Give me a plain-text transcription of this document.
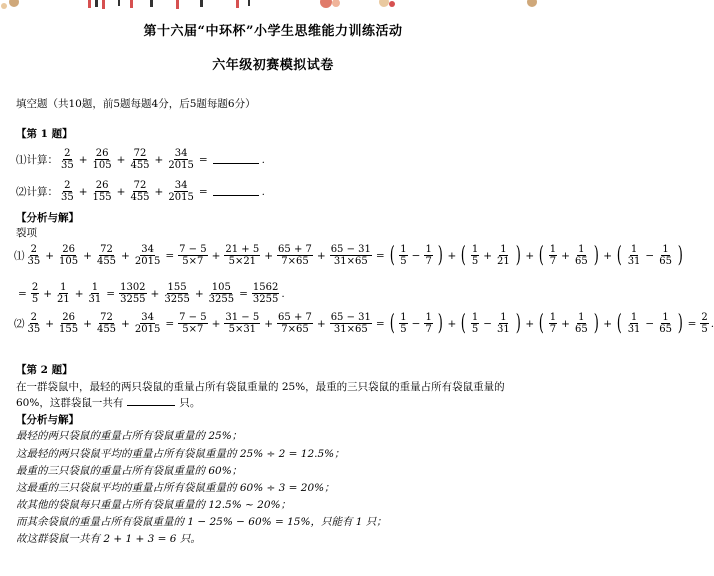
第十六届“中环杯”小学生思维能力训练活动
六年级初赛模拟试卷
填空题（共10题，前5题每题4分，后5题每题6分）
【第 1 题】
⑴计算： $\frac{2}{35} + \frac{26}{105} + \frac{72}{455} + \frac{34}{2015}$ =	.
⑵计算： $\frac{2}{35} + \frac{26}{155} + \frac{72}{455} + \frac{34}{2015}$ =	.
【分析与解】
裂项
⑴ $\frac{2}{35} + \frac{26}{105} + \frac{72}{455} + \frac{34}{2015} = \frac{7 - 5}{5\times 7} + \frac{21 + 5}{5\times 21} + \frac{65 + 7}{7\times 65} + \frac{65 - 31}{31\times 65}$ = ( $\frac{1}{5} - \frac{1}{7}$ ) + ( $\frac{1}{5} + \frac{1}{21}$ ) + ( $\frac{1}{7} + \frac{1}{65}$ ) + ( $\frac{1}{31} - \frac{1}{65}$ )
= $\frac{2}{5} + \frac{1}{21} + \frac{1}{31} = \frac{1302}{3255} + \frac{155}{3255} + \frac{105}{3255} = \frac{1562}{3255}$ .
⑵ $\frac{2}{35} + \frac{26}{155} + \frac{72}{455} + \frac{34}{2015} = \frac{7 - 5}{5\times 7} + \frac{31 - 5}{5\times 31} + \frac{65 + 7}{7\times 65} + \frac{65 - 31}{31\times 65}$ = ( $\frac{1}{5} - \frac{1}{7}$ ) + ( $\frac{1}{5} - \frac{1}{31}$ ) + ( $\frac{1}{7} + \frac{1}{65}$ ) + ( $\frac{1}{31} - \frac{1}{65}$ ) = $\frac{2}{5}$ .
【第 2 题】
在一群袋鼠中，最轻的两只袋鼠的重量占所有袋鼠重量的 25%，最重的三只袋鼠的重量占所有袋鼠重量的
60%，这群袋鼠一共有	只。
【分析与解】
最轻的两只袋鼠的重量占所有袋鼠重量的 25%；
这最轻的两只袋鼠平均的重量占所有袋鼠重量的 25% ÷ 2 = 12.5%；
最重的三只袋鼠的重量占所有袋鼠重量的 60%；
这最重的三只袋鼠平均的重量占所有袋鼠重量的 60% ÷ 3 = 20%；
故其他的袋鼠每只重量占所有袋鼠重量的 12.5% ~ 20%；
而其余袋鼠的重量占所有袋鼠重量的 1 − 25% − 60% = 15%，只能有 1 只；
故这群袋鼠一共有 2 + 1 + 3 = 6 只。
